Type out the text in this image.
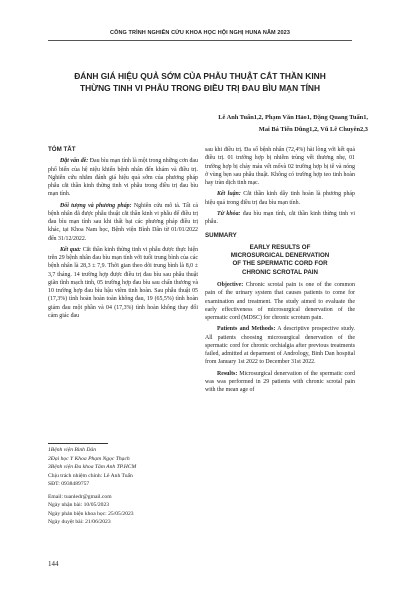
CÔNG TRÌNH NGHIÊN CỨU KHOA HỌC HỘI NGHỊ HUNA NĂM 2023
ĐÁNH GIÁ HIỆU QUẢ SỚM CỦA PHẪU THUẬT CẮT THẦN KINH
THỪNG TINH VI PHẪU TRONG ĐIỀU TRỊ ĐAU BÌU MẠN TÍNH
Lê Anh Tuấn1,2, Phạm Văn Hảo1, Đặng Quang Tuấn1,
Mai Bá Tiến Dũng1,2, Vũ Lê Chuyên2,3

TÓM TẮT

Đặt vấn đề: Đau bìu mạn tính là một trong những cơn đau phổ biến của hệ niệu khiến bệnh nhân đến khám và điều trị. Nghiên cứu nhằm đánh giá hiệu quả sớm của phương pháp phẫu cắt thần kinh thừng tinh vi phẫu trong điều trị đau bìu mạn tính.

Đối tượng và phương pháp: Nghiên cứu mô tả. Tất cả bệnh nhân đã được phẫu thuật cắt thần kinh vi phẫu để điều trị đau bìu mạn tính sau khi thất bại các phương pháp điều trị khác, tại Khoa Nam học, Bệnh viện Bình Dân từ 01/01/2022 đến 31/12/2022.

Kết quả: Cắt thần kinh thừng tinh vi phẫu được thực hiện trên 29 bệnh nhân đau bìu mạn tính với tuổi trung bình của các bệnh nhân là 28,3 ± 7,9. Thời gian theo dõi trung bình là 8,0 ± 3,7 tháng. 14 trường hợp được điều trị đau bìu sau phẫu thuật giãn tĩnh mạch tinh, 05 trường hợp đau bìu sau chấn thương và 10 trường hợp đau bìu hậu viêm tinh hoàn. Sau phẫu thuật 05 (17,3%) tình hoàn hoàn toàn không đau, 19 (65,5%) tình hoàn giảm đau một phần và 04 (17,3%) tình hoàn không thay đổi cảm giác đau

1Bệnh viện Bình Dân
2Đại học Y Khoa Phạm Ngọc Thạch
3Bệnh viện Đa khoa Tâm Anh TP.HCM
Chịu trách nhiệm chính: Lê Anh Tuấn
SĐT: 0938489757
Email: tuanledr@gmail.com
Ngày nhận bài: 10/05/2023
Ngày phản biện khoa học: 25/05/2023
Ngày duyệt bài: 21/06/2023

sau khi điều trị. Đa số bệnh nhân (72,4%) hài lòng với kết quả điều trị. 01 trường hợp bị nhiễm trùng vết thương nhẹ, 01 trường hợp bị chảy máu vết mổvà 02 trường hợp bị tê và nóng ở vùng bẹn sau phẫu thuật. Không có trường hợp teo tinh hoàn hay tràn dịch tinh mạc.

Kết luận: Cắt thần kinh dây tinh hoàn là phương pháp hiệu quả trong điều trị đau bìu mạn tính.

Từ khóa: đau bìu mạn tính, cắt thần kinh thừng tinh vi phẫu.

SUMMARY

EARLY RESULTS OF
MICROSURGICAL DENERVATION
OF THE SPERMATIC CORD FOR
CHRONIC SCROTAL PAIN

Objective: Chronic scrotal pain is one of the common pain of the urinary system that causes patients to come for examination and treatment. The study aimed to evaluate the early effectiveness of microsurgical denervation of the spermatic cord (MDSC) for chronic scrotum pain.

Patients and Methods: A descriptive prospective study. All patients choosing microsurgical denervation of the spermatic cord for chronic orchialgia after previous treatments failed, admitted at deparment of Andrology, Binh Dan hospital from January 1st 2022 to December 31st 2022.

Results: Microsurgical denervation of the spermatic cord was was performed in 29 patients with chronic scrotal pain with the mean age of

144
